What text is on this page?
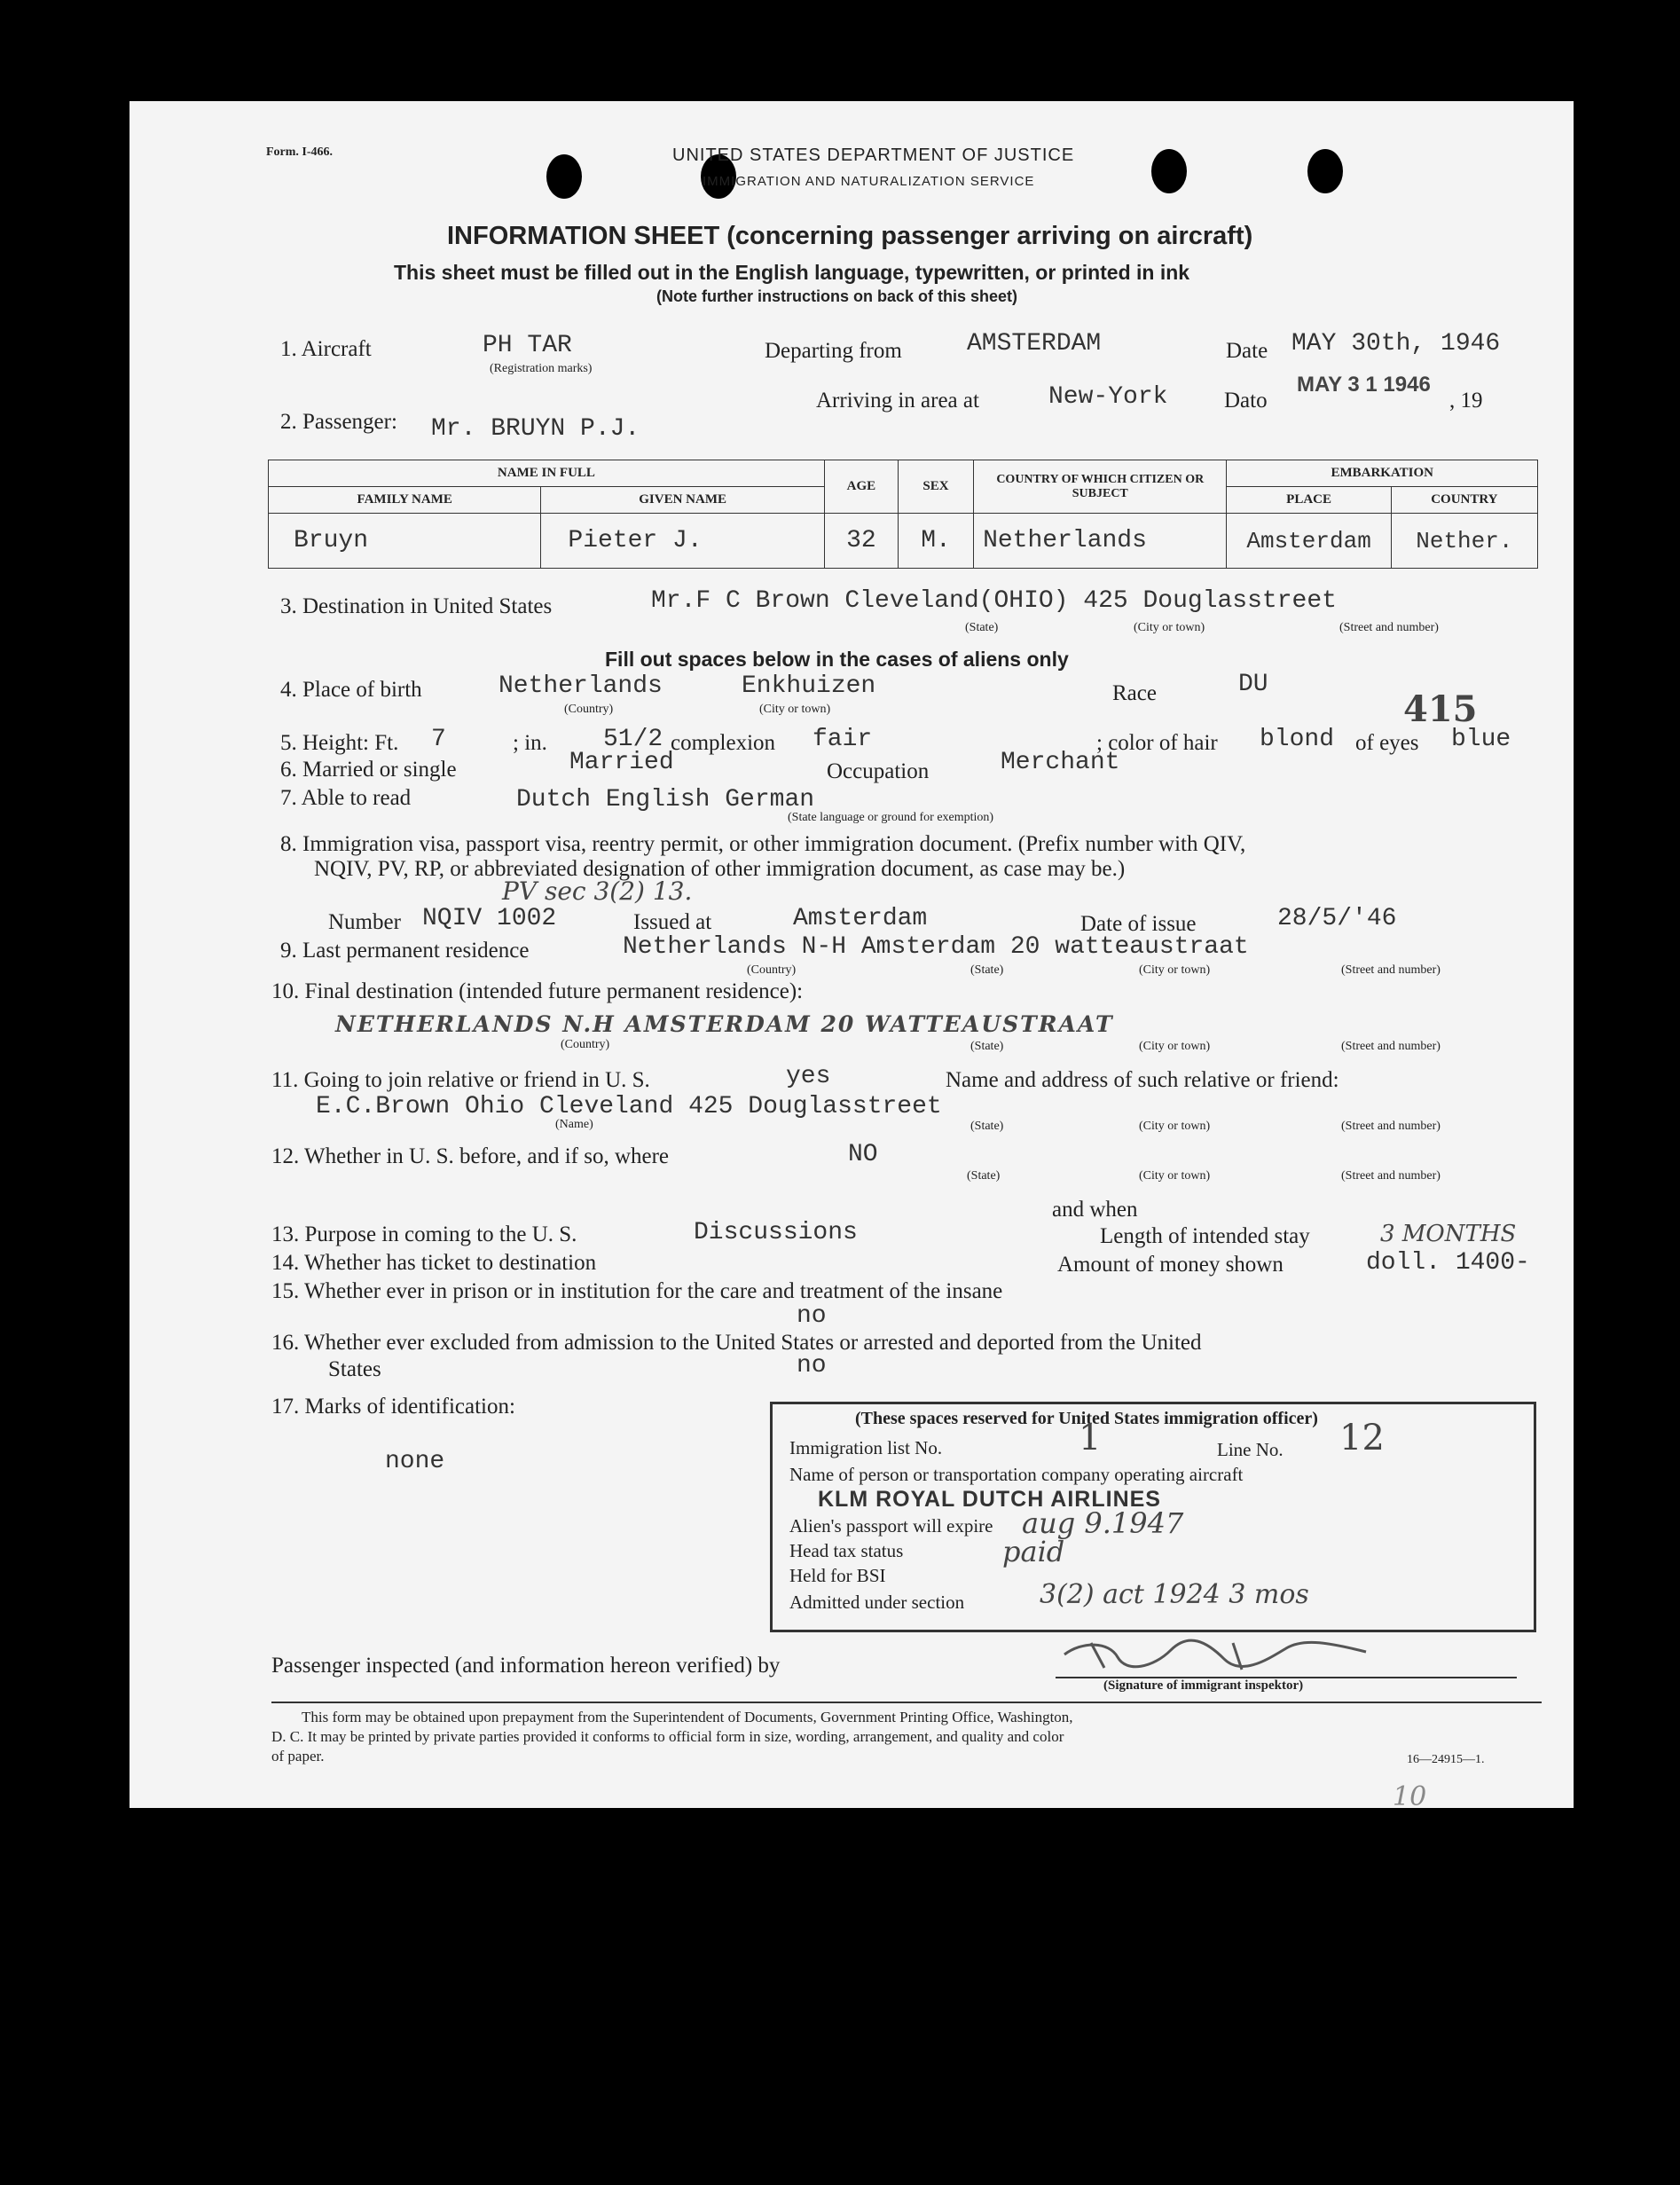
Form. I-466.	UNITED STATES DEPARTMENT OF JUSTICE
IMMIGRATION AND NATURALIZATION SERVICE
INFORMATION SHEET (concerning passenger arriving on aircraft)
This sheet must be filled out in the English language, typewritten, or printed in ink
(Note further instructions on back of this sheet)
1. Aircraft	PH TAR
(Registration marks)
Departing from	AMSTERDAM	Date MAY 30th, 1946
Arriving in area at	New-York	Dato
MAY 3 1 1946
, 19
2. Passenger: Mr. BRUYN P.J.
NAME IN FULL		AGE	SEX	COUNTRY OF WHICH CITIZEN OR SUBJECT	EMBARKATION	
FAMILY NAME	GIVEN NAME				PLACE	COUNTRY
Bruyn	Pieter J.	32	M.	Netherlands	Amsterdam	Nether.
3. Destination in United States	Mr.F C Brown Cleveland(OHIO) 425 Douglasstreet
(State)	(City or town)	(Street and number)
Fill out spaces below in the cases of aliens only
4. Place of birth	Netherlands	Enkhuizen
(Country)	(City or town)
Race	DU
415
5. Height: Ft. 7	; in. 51/2 complexion fair	; color of hair blond of eyes blue
6. Married or single	Married	Occupation	Merchant
7. Able to read	Dutch English German
(State language or ground for exemption)
8. Immigration visa, passport visa, reentry permit, or other immigration document. (Prefix number with QIV,
NQIV, PV, RP, or abbreviated designation of other immigration document, as case may be.)
PV sec 3(2) 13.
Number NQIV 1002	Issued at	Amsterdam	Date of issue	28/5/'46
9. Last permanent residence	Netherlands N-H Amsterdam 20 watteaustraat
(Country)	(State)	(City or town)	(Street and number)
10. Final destination (intended future permanent residence):
NETHERLANDS N.H AMSTERDAM 20 WATTEAUSTRAAT
(Country)	(State)	(City or town)	(Street and number)
11. Going to join relative or friend in U. S.	yes	Name and address of such relative or friend:
E.C.Brown Ohio Cleveland 425 Douglasstreet
(Name)	(State)	(City or town)	(Street and number)
12. Whether in U. S. before, and if so, where	NO
(State)	(City or town)	(Street and number)
and when
13. Purpose in coming to the U. S.	Discussions	Length of intended stay	3 MONTHS
14. Whether has ticket to destination	Amount of money shown	doll. 1400-
15. Whether ever in prison or in institution for the care and treatment of the insane
no
16. Whether ever excluded from admission to the United States or arrested and deported from the United
States	no
17. Marks of identification:
none
(These spaces reserved for United States immigration officer)
Immigration list No.	1	Line No. 12
Name of person or transportation company operating aircraft
KLM ROYAL DUTCH AIRLINES
Alien's passport will expire aug 9.1947
Head tax status	paid
Held for BSI
Admitted under section	3(2) act 1924 3 mos
Passenger inspected (and information hereon verified) by
(Signature of immigrant inspektor)
This form may be obtained upon prepayment from the Superintendent of Documents, Government Printing Office, Washington,
D. C. It may be printed by private parties provided it conforms to official form in size, wording, arrangement, and quality and color
of paper.	16—24915—1.
10
